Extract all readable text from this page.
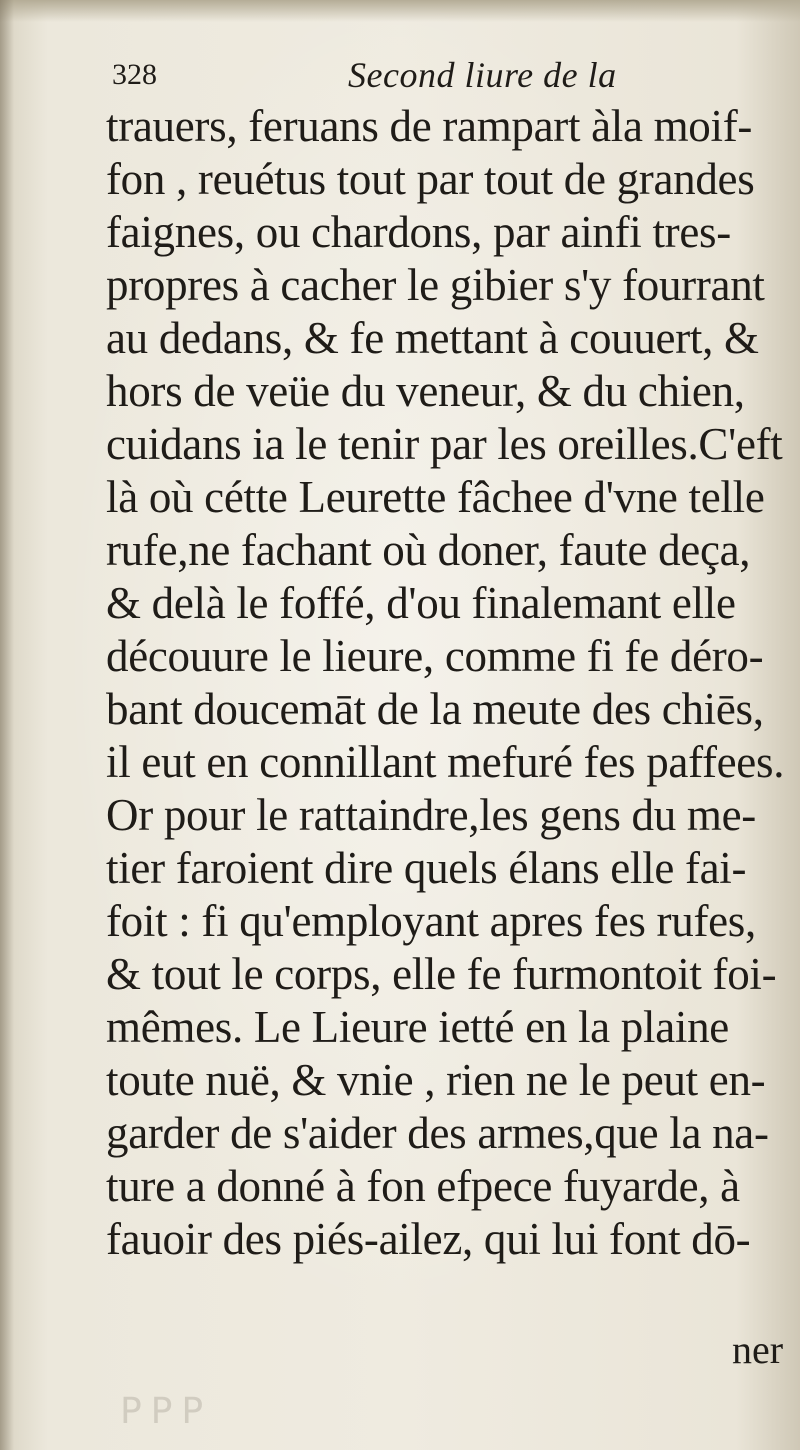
328	Second liure de la
trauers, feruans de rampart àla moif-
fon , reuétus tout par tout de grandes
faignes, ou chardons, par ainfi tres-
propres à cacher le gibier s'y fourrant
au dedans, & fe mettant à couuert, &
hors de veüe du veneur, & du chien,
cuidans ia le tenir par les oreilles.C'eft
là où cétte Leurette fâchee d'vne telle
rufe,ne fachant où doner, faute deça,
& delà le foffé, d'ou finalemant elle
découure le lieure, comme fi fe déro-
bant doucemāt de la meute des chiēs,
il eut en connillant mefuré fes paffees.
Or pour le rattaindre,les gens du me-
tier faroient dire quels élans elle fai-
foit : fi qu'employant apres fes rufes,
& tout le corps, elle fe furmontoit foi-
mêmes. Le Lieure ietté en la plaine
toute nuë, & vnie , rien ne le peut en-
garder de s'aider des armes,que la na-
ture a donné à fon efpece fuyarde, à
fauoir des piés-ailez, qui lui font dō-
ner
ꟼ ꟼ ꟼ
